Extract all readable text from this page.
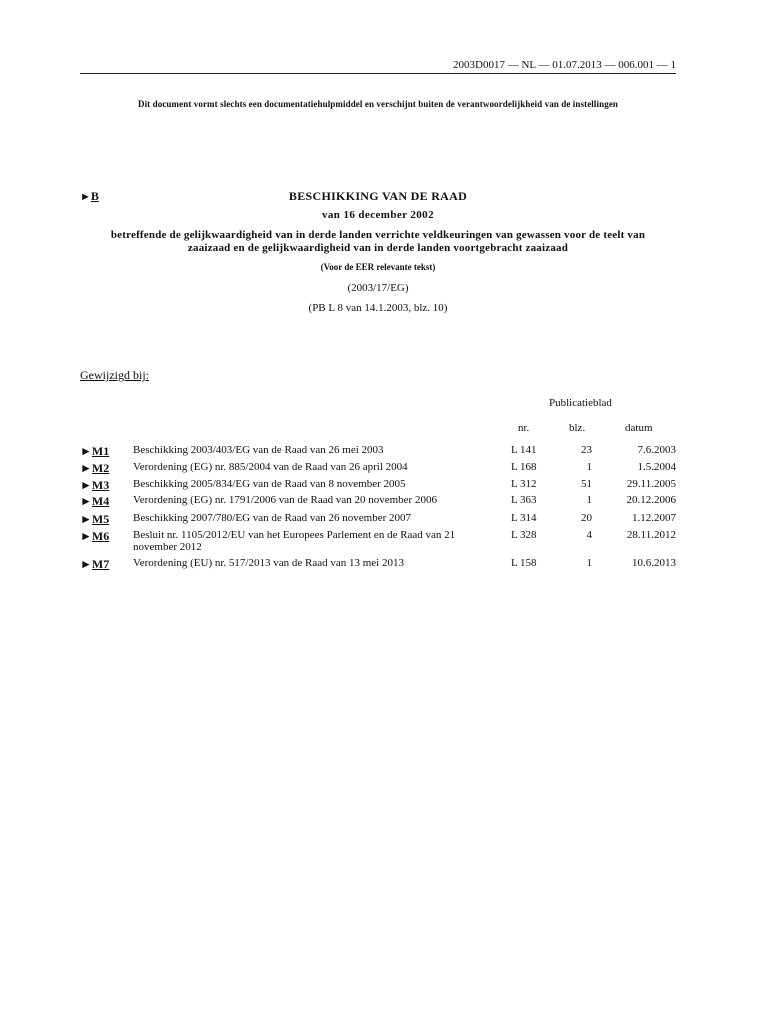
2003D0017 — NL — 01.07.2013 — 006.001 — 1
Dit document vormt slechts een documentatiehulpmiddel en verschijnt buiten de verantwoordelijkheid van de instellingen
►B	BESCHIKKING VAN DE RAAD
van 16 december 2002
betreffende de gelijkwaardigheid van in derde landen verrichte veldkeuringen van gewassen voor de teelt van zaaizaad en de gelijkwaardigheid van in derde landen voortgebracht zaaizaad
(Voor de EER relevante tekst)
(2003/17/EG)
(PB L 8 van 14.1.2003, blz. 10)
Gewijzigd bij:
Publicatieblad
nr.	blz.	datum
►M1 Beschikking 2003/403/EG van de Raad van 26 mei 2003	L 141	23	7.6.2003
►M2 Verordening (EG) nr. 885/2004 van de Raad van 26 april 2004	L 168	1	1.5.2004
►M3 Beschikking 2005/834/EG van de Raad van 8 november 2005	L 312	51	29.11.2005
►M4 Verordening (EG) nr. 1791/2006 van de Raad van 20 november 2006	L 363	1	20.12.2006
►M5 Beschikking 2007/780/EG van de Raad van 26 november 2007	L 314	20	1.12.2007
►M6 Besluit nr. 1105/2012/EU van het Europees Parlement en de Raad van 21 november 2012
L 328	4	28.11.2012
►M7 Verordening (EU) nr. 517/2013 van de Raad van 13 mei 2013	L 158	1	10.6.2013
